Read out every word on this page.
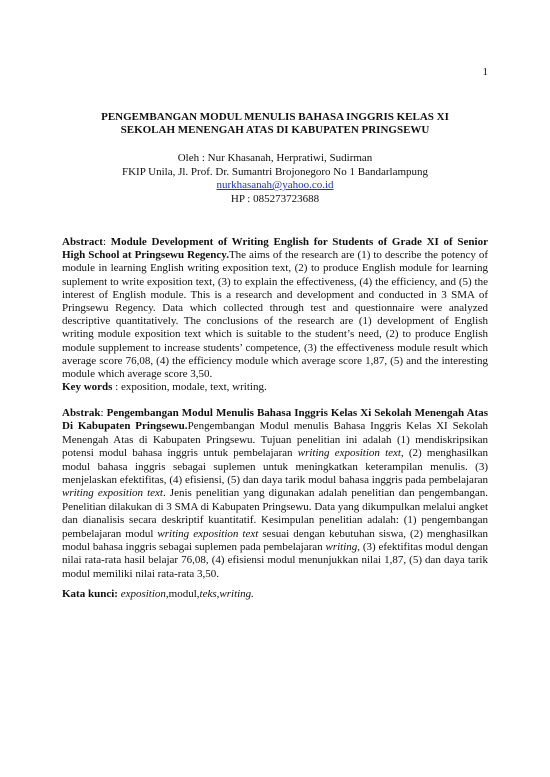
1
PENGEMBANGAN MODUL MENULIS BAHASA INGGRIS KELAS XI
SEKOLAH MENENGAH ATAS DI KABUPATEN PRINGSEWU
Oleh : Nur Khasanah, Herpratiwi, Sudirman
FKIP Unila, Jl. Prof. Dr. Sumantri Brojonegoro No 1 Bandarlampung
nurkhasanah@yahoo.co.id
HP : 085273723688
Abstract: Module Development of Writing English for Students of Grade XI of Senior High School at Pringsewu Regency.The aims of the research are (1) to describe the potency of module in learning English writing exposition text, (2) to produce English module for learning suplement to write exposition text, (3) to explain the effectiveness, (4) the efficiency, and (5) the interest of English module. This is a research and development and conducted in 3 SMA of Pringsewu Regency. Data which collected through test and questionnaire were analyzed descriptive quantitatively. The conclusions of the research are (1) development of English writing module exposition text which is suitable to the student’s need, (2) to produce English module supplement to increase students’ competence, (3) the effectiveness module result which average score 76,08, (4) the efficiency module which average score 1,87, (5) and the interesting module which average score 3,50.
Key words : exposition, modale, text, writing.
Abstrak: Pengembangan Modul Menulis Bahasa Inggris Kelas Xi Sekolah Menengah Atas Di Kabupaten Pringsewu.Pengembangan Modul menulis Bahasa Inggris Kelas XI Sekolah Menengah Atas di Kabupaten Pringsewu. Tujuan penelitian ini adalah (1) mendiskripsikan potensi modul bahasa inggris untuk pembelajaran writing exposition text, (2) menghasilkan modul bahasa inggris sebagai suplemen untuk meningkatkan keterampilan menulis. (3) menjelaskan efektifitas, (4) efisiensi, (5) dan daya tarik modul bahasa inggris pada pembelajaran writing exposition text. Jenis penelitian yang digunakan adalah penelitian dan pengembangan. Penelitian dilakukan di 3 SMA di Kabupaten Pringsewu. Data yang dikumpulkan melalui angket dan dianalisis secara deskriptif kuantitatif. Kesimpulan penelitian adalah: (1) pengembangan pembelajaran modul writing exposition text sesuai dengan kebutuhan siswa, (2) menghasilkan modul bahasa inggris sebagai suplemen pada pembelajaran writing, (3) efektifitas modul dengan nilai rata-rata hasil belajar 76,08, (4) efisiensi modul menunjukkan nilai 1,87, (5) dan daya tarik modul memiliki nilai rata-rata 3,50.
Kata kunci: exposition,modul,teks,writing.
